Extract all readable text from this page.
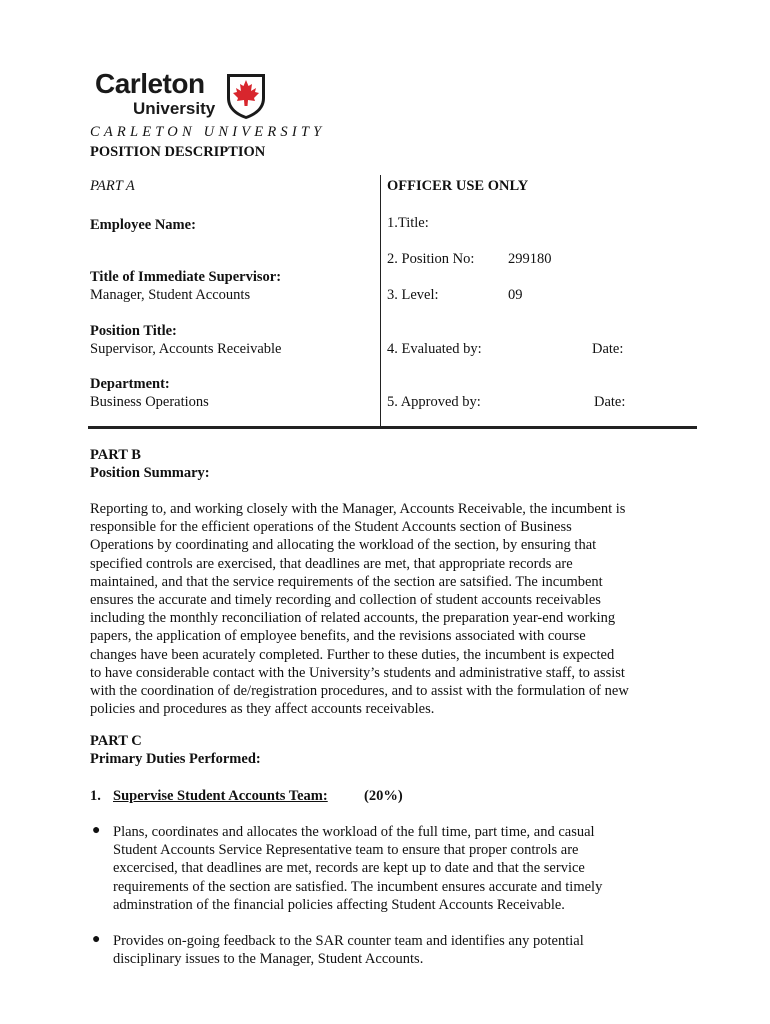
Carleton
University
CARLETON UNIVERSITY
POSITION DESCRIPTION
PART A
Employee Name:
Title of Immediate Supervisor:
Manager, Student Accounts
Position Title:
Supervisor, Accounts Receivable
Department:
Business Operations
OFFICER USE ONLY
1.Title:
2. Position No: 299180
3. Level:	09
4. Evaluated by:	Date:
5. Approved by:	Date:
PART B
Position Summary:
Reporting to, and working closely with the Manager, Accounts Receivable, the incumbent is
responsible for the efficient operations of the Student Accounts section of Business
Operations by coordinating and allocating the workload of the section, by ensuring that
specified controls are exercised, that deadlines are met, that appropriate records are
maintained, and that the service requirements of the section are satsified. The incumbent
ensures the accurate and timely recording and collection of student accounts receivables
including the monthly reconciliation of related accounts, the preparation year-end working
papers, the application of employee benefits, and the revisions associated with course
changes have been acurately completed. Further to these duties, the incumbent is expected
to have considerable contact with the University’s students and administrative staff, to assist
with the coordination of de/registration procedures, and to assist with the formulation of new
policies and procedures as they affect accounts receivables.
PART C
Primary Duties Performed:
1. Supervise Student Accounts Team:	(20%)
● Plans, coordinates and allocates the workload of the full time, part time, and casual
Student Accounts Service Representative team to ensure that proper controls are
excercised, that deadlines are met, records are kept up to date and that the service
requirements of the section are satisfied. The incumbent ensures accurate and timely
adminstration of the financial policies affecting Student Accounts Receivable.
● Provides on-going feedback to the SAR counter team and identifies any potential
disciplinary issues to the Manager, Student Accounts.
